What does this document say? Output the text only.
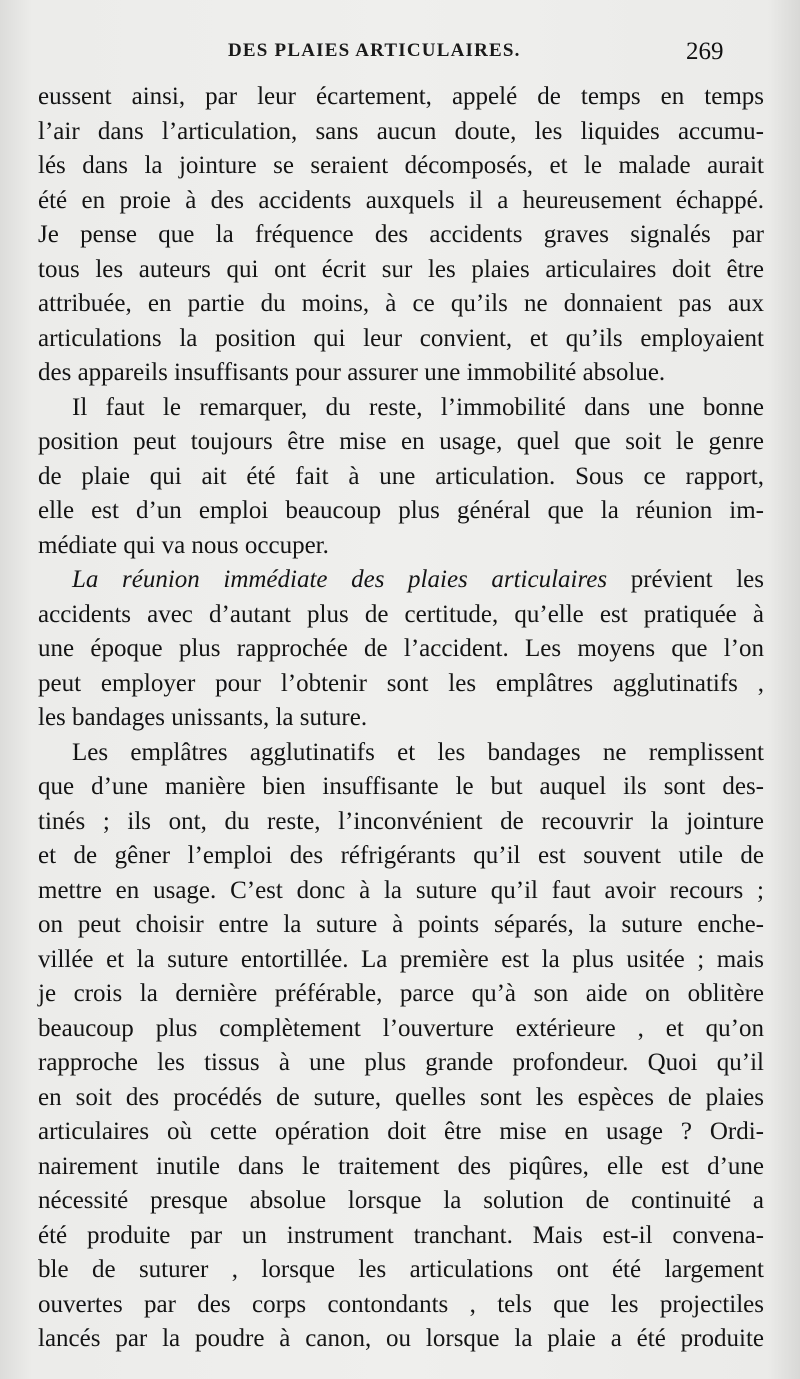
DES PLAIES ARTICULAIRES.	269
eussent ainsi, par leur écartement, appelé de temps en temps
l’air dans l’articulation, sans aucun doute, les liquides accumu-
lés dans la jointure se seraient décomposés, et le malade aurait
été en proie à des accidents auxquels il a heureusement échappé.
Je pense que la fréquence des accidents graves signalés par
tous les auteurs qui ont écrit sur les plaies articulaires doit être
attribuée, en partie du moins, à ce qu’ils ne donnaient pas aux
articulations la position qui leur convient, et qu’ils employaient
des appareils insuffisants pour assurer une immobilité absolue.
Il faut le remarquer, du reste, l’immobilité dans une bonne
position peut toujours être mise en usage, quel que soit le genre
de plaie qui ait été fait à une articulation. Sous ce rapport,
elle est d’un emploi beaucoup plus général que la réunion im-
médiate qui va nous occuper.
La réunion immédiate des plaies articulaires prévient les
accidents avec d’autant plus de certitude, qu’elle est pratiquée à
une époque plus rapprochée de l’accident. Les moyens que l’on
peut employer pour l’obtenir sont les emplâtres agglutinatifs ,
les bandages unissants, la suture.
Les emplâtres agglutinatifs et les bandages ne remplissent
que d’une manière bien insuffisante le but auquel ils sont des-
tinés ; ils ont, du reste, l’inconvénient de recouvrir la jointure
et de gêner l’emploi des réfrigérants qu’il est souvent utile de
mettre en usage. C’est donc à la suture qu’il faut avoir recours ;
on peut choisir entre la suture à points séparés, la suture enche-
villée et la suture entortillée. La première est la plus usitée ; mais
je crois la dernière préférable, parce qu’à son aide on oblitère
beaucoup plus complètement l’ouverture extérieure , et qu’on
rapproche les tissus à une plus grande profondeur. Quoi qu’il
en soit des procédés de suture, quelles sont les espèces de plaies
articulaires où cette opération doit être mise en usage ? Ordi-
nairement inutile dans le traitement des piqûres, elle est d’une
nécessité presque absolue lorsque la solution de continuité a
été produite par un instrument tranchant. Mais est-il convena-
ble de suturer , lorsque les articulations ont été largement
ouvertes par des corps contondants , tels que les projectiles
lancés par la poudre à canon, ou lorsque la plaie a été produite
